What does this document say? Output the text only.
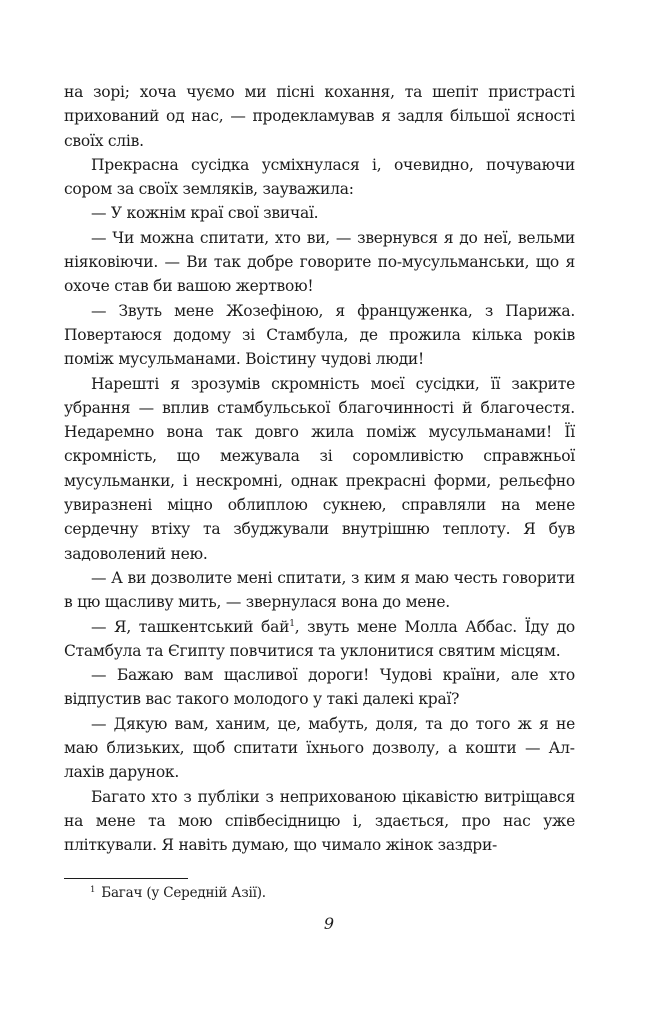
на зорі; хоча чуємо ми пісні кохання, та шепіт пристрасті прихований од нас, — продекламував я задля більшої ясності своїх слів.

Прекрасна сусідка усміхнулася і, очевидно, почуваючи сором за своїх земляків, зауважила:

— У кожнім краї свої звичаї.

— Чи можна спитати, хто ви, — звернувся я до неї, вельми ніяковіючи. — Ви так добре говорите по-мусульманськи, що я охоче став би вашою жертвою!

— Звуть мене Жозефіною, я француженка, з Парижа. Повертаюся додому зі Стамбула, де прожила кілька років поміж мусульманами. Воістину чудові люди!

Нарешті я зрозумів скромність моєї сусідки, її закрите убрання — вплив стамбульської благочинності й благочестя. Недаремно вона так довго жила поміж мусульманами! Її скромність, що межувала зі соромливістю справжньої мусульманки, і нескромні, однак прекрасні форми, рельєфно увиразнені міцно облиплою сукнею, справляли на мене сердечну втіху та збуджували внутрішню теплоту. Я був задоволений нею.

— А ви дозволите мені спитати, з ким я маю честь говорити в цю щасливу мить, — звернулася вона до мене.

— Я, ташкентський бай$^1$, звуть мене Молла Аббас. Їду до Стамбула та Єгипту повчитися та уклонитися святим місцям.

— Бажаю вам щасливої дороги! Чудові країни, але хто відпустив вас такого молодого у такі далекі краї?

— Дякую вам, ханим, це, мабуть, доля, та до того ж я не маю близьких, щоб спитати їхнього дозволу, а кошти — Аллахів дарунок.

Багато хто з публіки з неприхованою цікавістю витріщався на мене та мою співбесідницю і, здається, про нас уже пліткували. Я навіть думаю, що чимало жінок заздри-

$^1$ Багач (у Середній Азії).
9
